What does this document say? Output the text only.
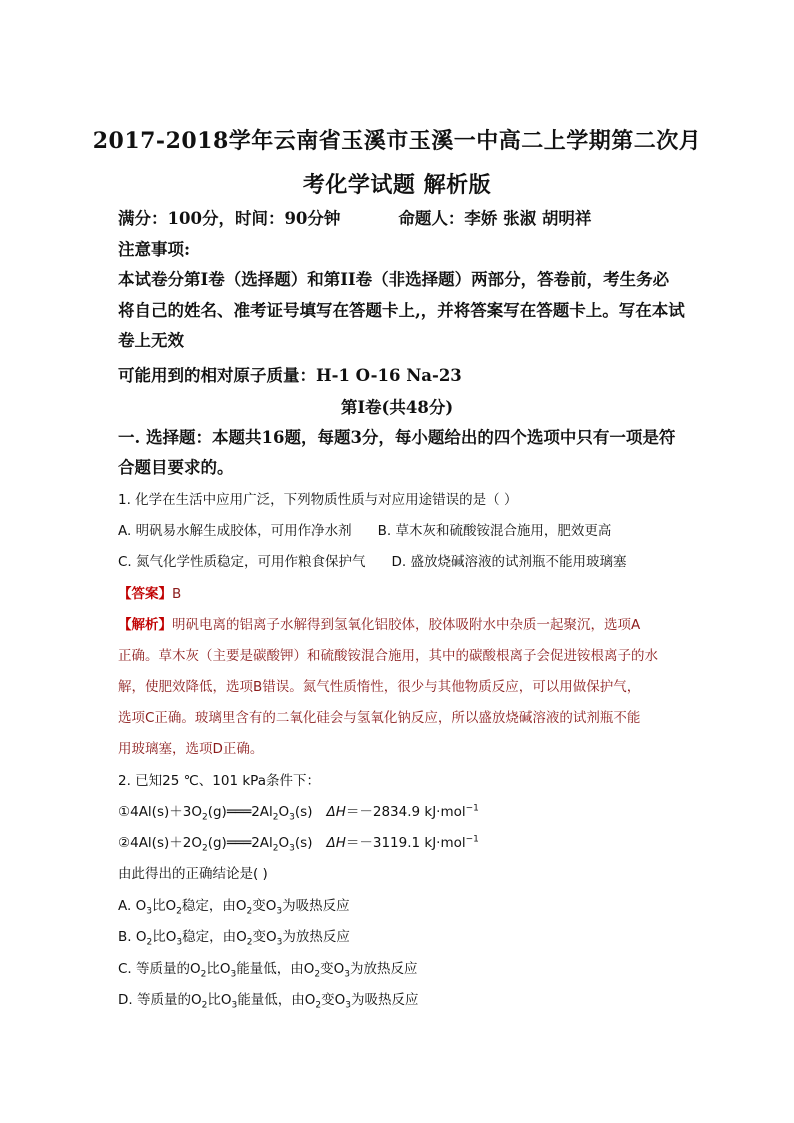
2017-2018学年云南省玉溪市玉溪一中高二上学期第二次月
考化学试题 解析版
满分：100分，时间：90分钟	命题人：李娇 张淑 胡明祥
注意事项:
本试卷分第I卷（选择题）和第II卷（非选择题）两部分，答卷前，考生务必
将自己的姓名、准考证号填写在答题卡上,，并将答案写在答题卡上。写在本试
卷上无效
可能用到的相对原子质量：H-1 O-16 Na-23
第I卷(共48分)
一. 选择题：本题共16题，每题3分，每小题给出的四个选项中只有一项是符
合题目要求的。
1. 化学在生活中应用广泛，下列物质性质与对应用途错误的是（ ）
A. 明矾易水解生成胶体，可用作净水剂 B. 草木灰和硫酸铵混合施用，肥效更高
C. 氮气化学性质稳定，可用作粮食保护气 D. 盛放烧碱溶液的试剂瓶不能用玻璃塞
【答案】B
【解析】明矾电离的铝离子水解得到氢氧化铝胶体，胶体吸附水中杂质一起聚沉，选项A
正确。草木灰（主要是碳酸钾）和硫酸铵混合施用，其中的碳酸根离子会促进铵根离子的水
解，使肥效降低，选项B错误。氮气性质惰性，很少与其他物质反应，可以用做保护气，
选项C正确。玻璃里含有的二氧化硅会与氢氧化钠反应，所以盛放烧碱溶液的试剂瓶不能
用玻璃塞，选项D正确。
2. 已知25 ℃、101 kPa条件下：
$①4Al(s)+3O_2(g)═══2Al_2O_3(s)$ ΔH＝－2834.9 kJ·mol$^{-1}$
$②4Al(s)+2O_2(g)═══2Al_2O_3(s)$ ΔH＝－3119.1 kJ·mol$^{-1}$
由此得出的正确结论是( )
A. $O_3$比$O_2$稳定，由$O_2$变$O_3$为吸热反应
B. $O_2$比$O_3$稳定，由$O_2$变$O_3$为放热反应
C. 等质量的$O_2$比$O_3$能量低，由$O_2$变$O_3$为放热反应
D. 等质量的$O_2$比$O_3$能量低，由$O_2$变$O_3$为吸热反应
